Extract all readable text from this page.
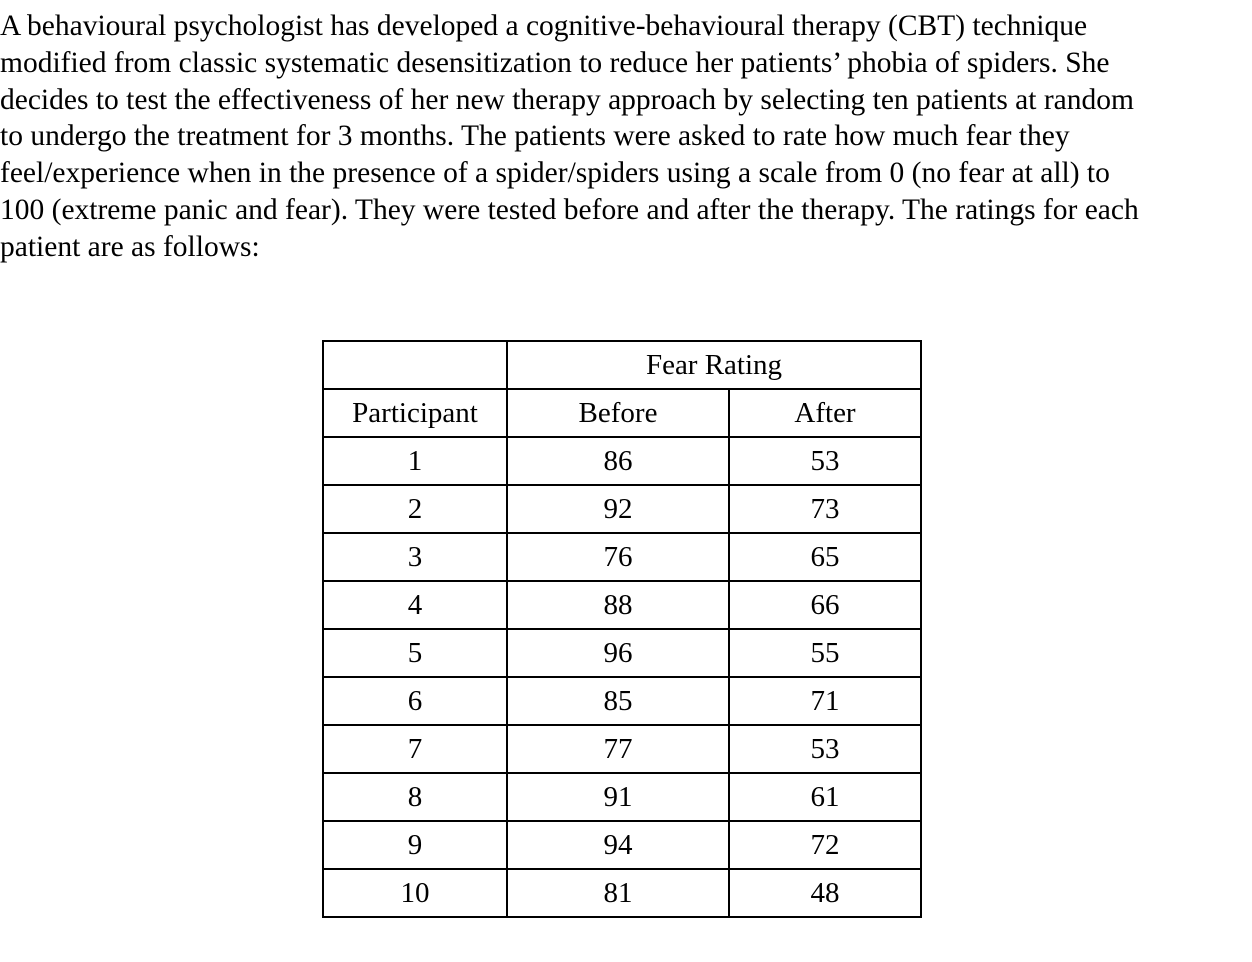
A behavioural psychologist has developed a cognitive-behavioural therapy (CBT) technique
modified from classic systematic desensitization to reduce her patients’ phobia of spiders. She
decides to test the effectiveness of her new therapy approach by selecting ten patients at random
to undergo the treatment for 3 months. The patients were asked to rate how much fear they
feel/experience when in the presence of a spider/spiders using a scale from 0 (no fear at all) to
100 (extreme panic and fear). They were tested before and after the therapy. The ratings for each
patient are as follows:

	Fear Rating	
Participant	Before	After
1	86	53
2	92	73
3	76	65
4	88	66
5	96	55
6	85	71
7	77	53
8	91	61
9	94	72
10	81	48
